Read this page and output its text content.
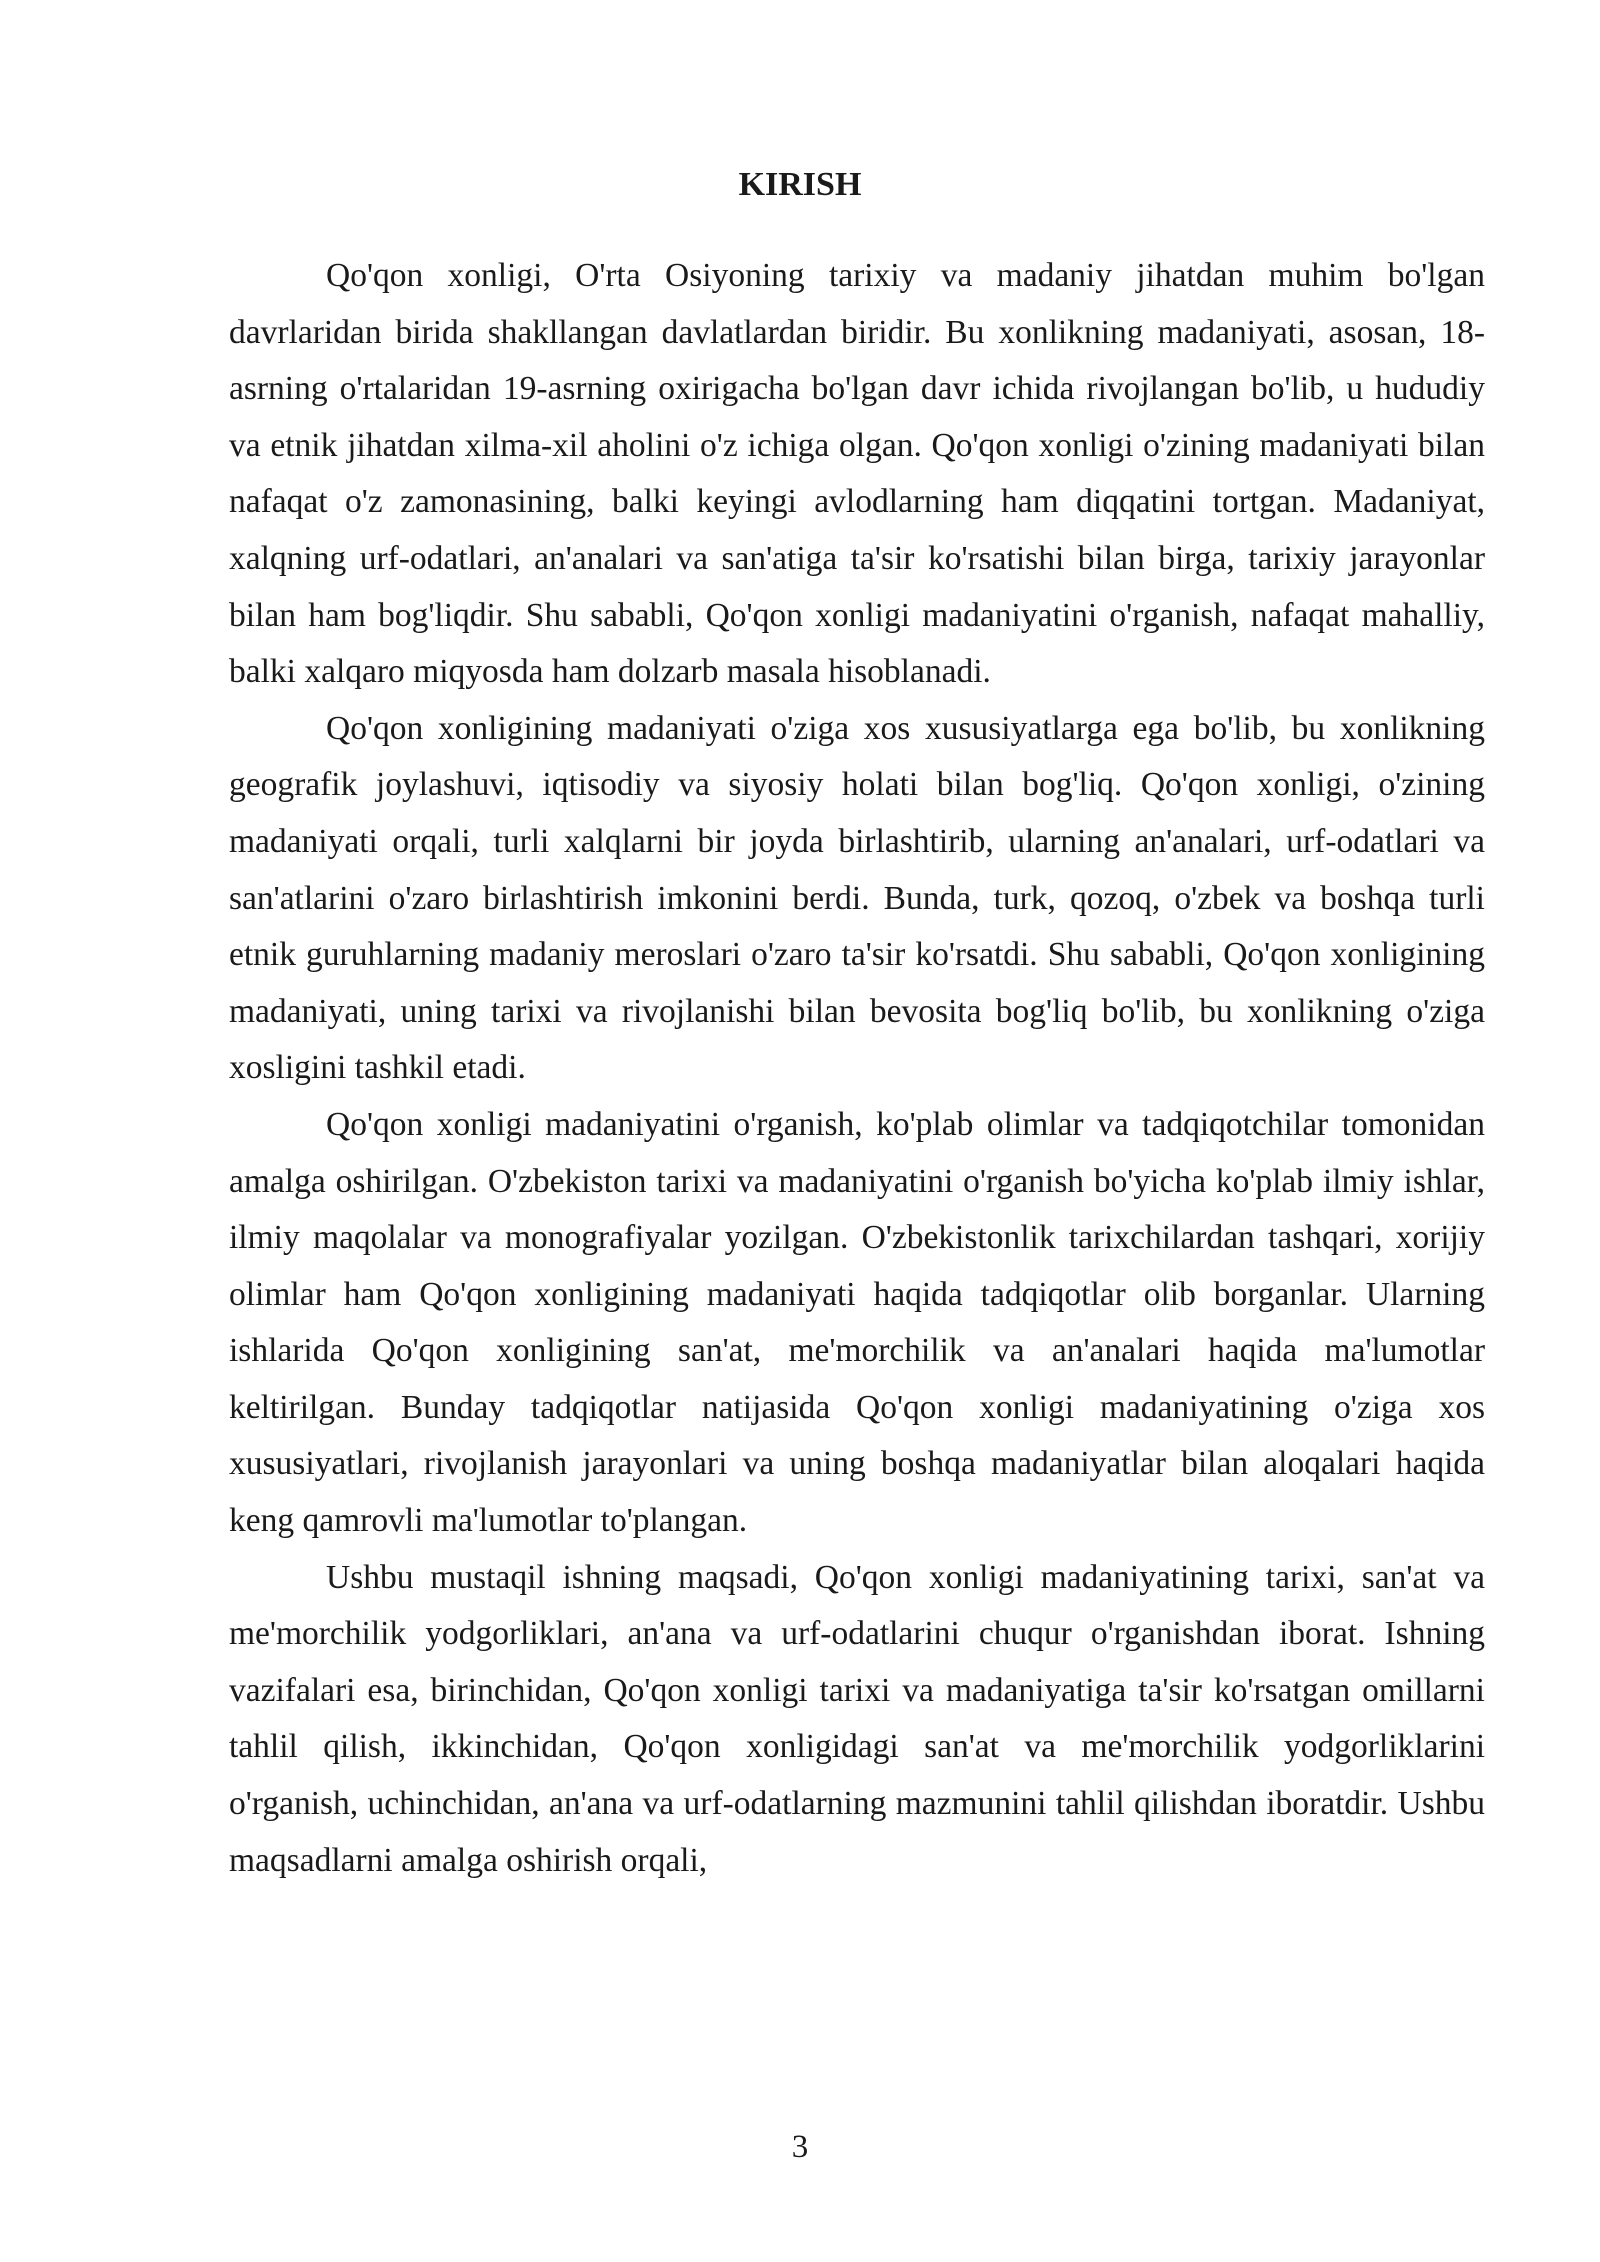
KIRISH

Qo'qon xonligi, O'rta Osiyoning tarixiy va madaniy jihatdan muhim bo'lgan davrlaridan birida shakllangan davlatlardan biridir. Bu xonlikning madaniyati, asosan, 18-asrning o'rtalaridan 19-asrning oxirigacha bo'lgan davr ichida rivojlangan bo'lib, u hududiy va etnik jihatdan xilma-xil aholini o'z ichiga olgan. Qo'qon xonligi o'zining madaniyati bilan nafaqat o'z zamonasining, balki keyingi avlodlarning ham diqqatini tortgan. Madaniyat, xalqning urf-odatlari, an'analari va san'atiga ta'sir ko'rsatishi bilan birga, tarixiy jarayonlar bilan ham bog'liqdir. Shu sababli, Qo'qon xonligi madaniyatini o'rganish, nafaqat mahalliy, balki xalqaro miqyosda ham dolzarb masala hisoblanadi.

Qo'qon xonligining madaniyati o'ziga xos xususiyatlarga ega bo'lib, bu xonlikning geografik joylashuvi, iqtisodiy va siyosiy holati bilan bog'liq. Qo'qon xonligi, o'zining madaniyati orqali, turli xalqlarni bir joyda birlashtirib, ularning an'analari, urf-odatlari va san'atlarini o'zaro birlashtirish imkonini berdi. Bunda, turk, qozoq, o'zbek va boshqa turli etnik guruhlarning madaniy meroslari o'zaro ta'sir ko'rsatdi. Shu sababli, Qo'qon xonligining madaniyati, uning tarixi va rivojlanishi bilan bevosita bog'liq bo'lib, bu xonlikning o'ziga xosligini tashkil etadi.

Qo'qon xonligi madaniyatini o'rganish, ko'plab olimlar va tadqiqotchilar tomonidan amalga oshirilgan. O'zbekiston tarixi va madaniyatini o'rganish bo'yicha ko'plab ilmiy ishlar, ilmiy maqolalar va monografiyalar yozilgan. O'zbekistonlik tarixchilardan tashqari, xorijiy olimlar ham Qo'qon xonligining madaniyati haqida tadqiqotlar olib borganlar. Ularning ishlarida Qo'qon xonligining san'at, me'morchilik va an'analari haqida ma'lumotlar keltirilgan. Bunday tadqiqotlar natijasida Qo'qon xonligi madaniyatining o'ziga xos xususiyatlari, rivojlanish jarayonlari va uning boshqa madaniyatlar bilan aloqalari haqida keng qamrovli ma'lumotlar to'plangan.

Ushbu mustaqil ishning maqsadi, Qo'qon xonligi madaniyatining tarixi, san'at va me'morchilik yodgorliklari, an'ana va urf-odatlarini chuqur o'rganishdan iborat. Ishning vazifalari esa, birinchidan, Qo'qon xonligi tarixi va madaniyatiga ta'sir ko'rsatgan omillarni tahlil qilish, ikkinchidan, Qo'qon xonligidagi san'at va me'morchilik yodgorliklarini o'rganish, uchinchidan, an'ana va urf-odatlarning mazmunini tahlil qilishdan iboratdir. Ushbu maqsadlarni amalga oshirish orqali,

3
